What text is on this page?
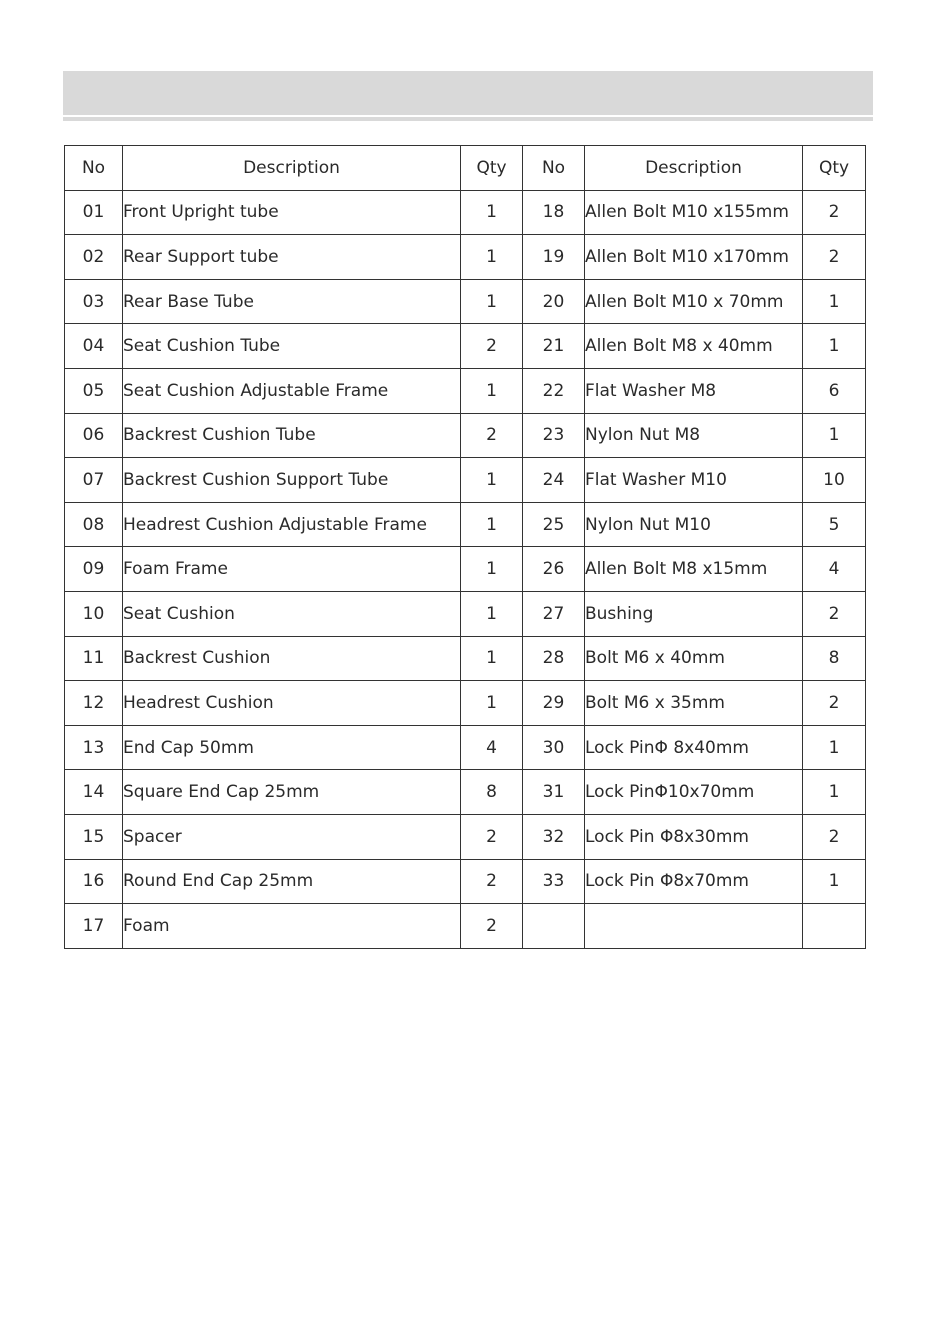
No	Description	Qty	No	Description	Qty
01	Front Upright tube	1	18	Allen Bolt M10 x155mm	2
02	Rear Support tube	1	19	Allen Bolt M10 x170mm	2
03	Rear Base Tube	1	20	Allen Bolt M10 x 70mm	1
04	Seat Cushion Tube	2	21	Allen Bolt M8 x 40mm	1
05	Seat Cushion Adjustable Frame	1	22	Flat Washer M8	6
06	Backrest Cushion Tube	2	23	Nylon Nut M8	1
07	Backrest Cushion Support Tube	1	24	Flat Washer M10	10
08	Headrest Cushion Adjustable Frame	1	25	Nylon Nut M10	5
09	Foam Frame	1	26	Allen Bolt M8 x15mm	4
10	Seat Cushion	1	27	Bushing	2
11	Backrest Cushion	1	28	Bolt M6 x 40mm	8
12	Headrest Cushion	1	29	Bolt M6 x 35mm	2
13	End Cap 50mm	4	30	Lock PinΦ 8x40mm	1
14	Square End Cap 25mm	8	31	Lock PinΦ10x70mm	1
15	Spacer	2	32	Lock Pin Φ8x30mm	2
16	Round End Cap 25mm	2	33	Lock Pin Φ8x70mm	1
17	Foam	2			
